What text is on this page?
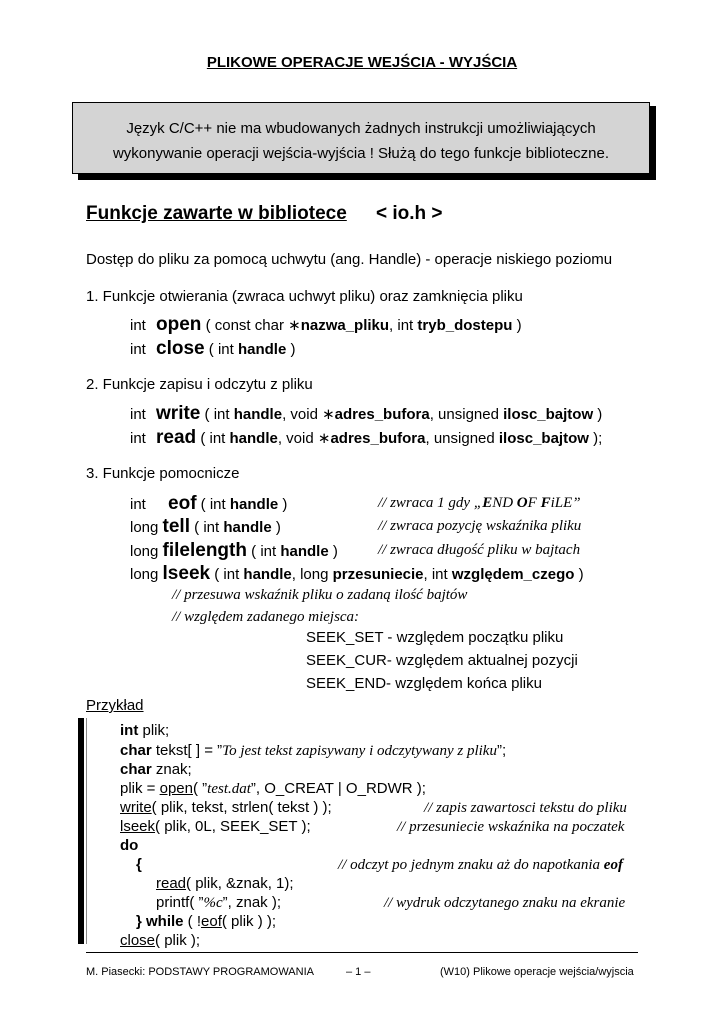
PLIKOWE OPERACJE WEJŚCIA - WYJŚCIA
Język C/C++ nie ma wbudowanych żadnych instrukcji umożliwiających
wykonywanie operacji wejścia-wyjścia ! Służą do tego funkcje biblioteczne.
Funkcje zawarte w bibliotece < io.h >
Dostęp do pliku za pomocą uchwytu (ang. Handle) - operacje niskiego poziomu
1. Funkcje otwierania (zwraca uchwyt pliku) oraz zamknięcia pliku
int open ( const char ∗nazwa_pliku, int tryb_dostepu )
int close ( int handle )
2. Funkcje zapisu i odczytu z pliku
int write ( int handle, void ∗adres_bufora, unsigned ilosc_bajtow )
int read ( int handle, void ∗adres_bufora, unsigned ilosc_bajtow );
3. Funkcje pomocnicze
int eof ( int handle )	// zwraca 1 gdy „END OF FiLE”
long tell ( int handle )	// zwraca pozycję wskaźnika pliku
long filelength ( int handle )	// zwraca długość pliku w bajtach
long lseek ( int handle, long przesuniecie, int względem_czego )
// przesuwa wskaźnik pliku o zadaną ilość bajtów
// względem zadanego miejsca:
SEEK_SET - względem początku pliku
SEEK_CUR- względem aktualnej pozycji
SEEK_END- względem końca pliku
Przykład
int plik;
char tekst[ ] = ”To jest tekst zapisywany i odczytywany z pliku”;
char znak;
plik = open( ”test.dat”, O_CREAT | O_RDWR );
write( plik, tekst, strlen( tekst ) );	// zapis zawartosci tekstu do pliku
lseek( plik, 0L, SEEK_SET );	// przesuniecie wskaźnika na poczatek
do
{	// odczyt po jednym znaku aż do napotkania eof
read( plik, &znak, 1);
printf( ”%c”, znak );	// wydruk odczytanego znaku na ekranie
} while ( !eof( plik ) );
close( plik );
M. Piasecki: PODSTAWY PROGRAMOWANIA	– 1 –	(W10) Plikowe operacje wejścia/wyjscia
